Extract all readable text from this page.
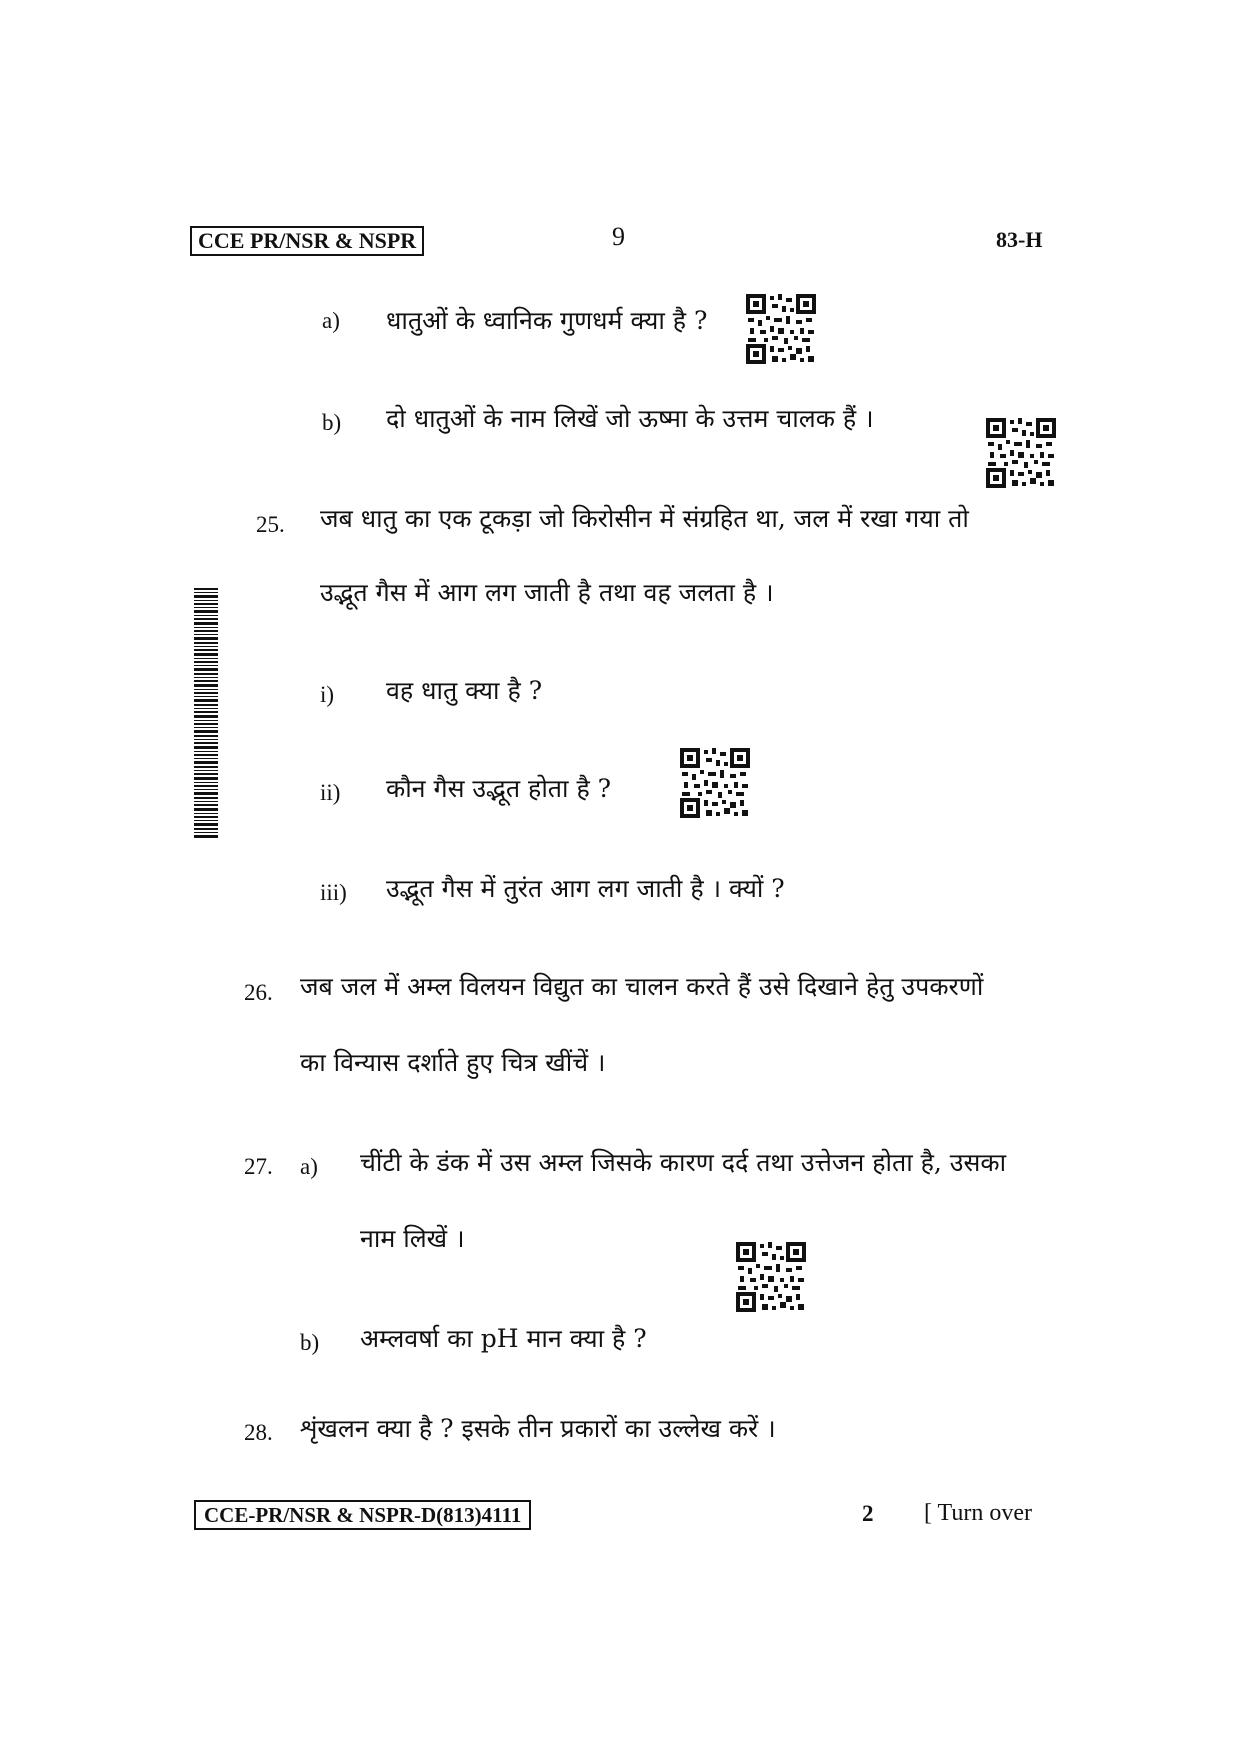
CCE PR/NSR & NSPR	9	83-H
a) धातुओं के ध्वानिक गुणधर्म क्या है ?
b) दो धातुओं के नाम लिखें जो ऊष्मा के उत्तम चालक हैं ।
25. जब धातु का एक टूकड़ा जो किरोसीन में संग्रहित था, जल में रखा गया तो
उद्भूत गैस में आग लग जाती है तथा वह जलता है ।
i) वह धातु क्या है ?
ii) कौन गैस उद्भूत होता है ?
iii) उद्भूत गैस में तुरंत आग लग जाती है । क्यों ?
26. जब जल में अम्ल विलयन विद्युत का चालन करते हैं उसे दिखाने हेतु उपकरणों
का विन्यास दर्शाते हुए चित्र खींचें ।
27. a) चींटी के डंक में उस अम्ल जिसके कारण दर्द तथा उत्तेजन होता है, उसका
नाम लिखें ।
b) अम्लवर्षा का pH मान क्या है ?
28. शृंखलन क्या है ? इसके तीन प्रकारों का उल्लेख करें ।
CCE-PR/NSR & NSPR-D(813)4111	2 [ Turn over
